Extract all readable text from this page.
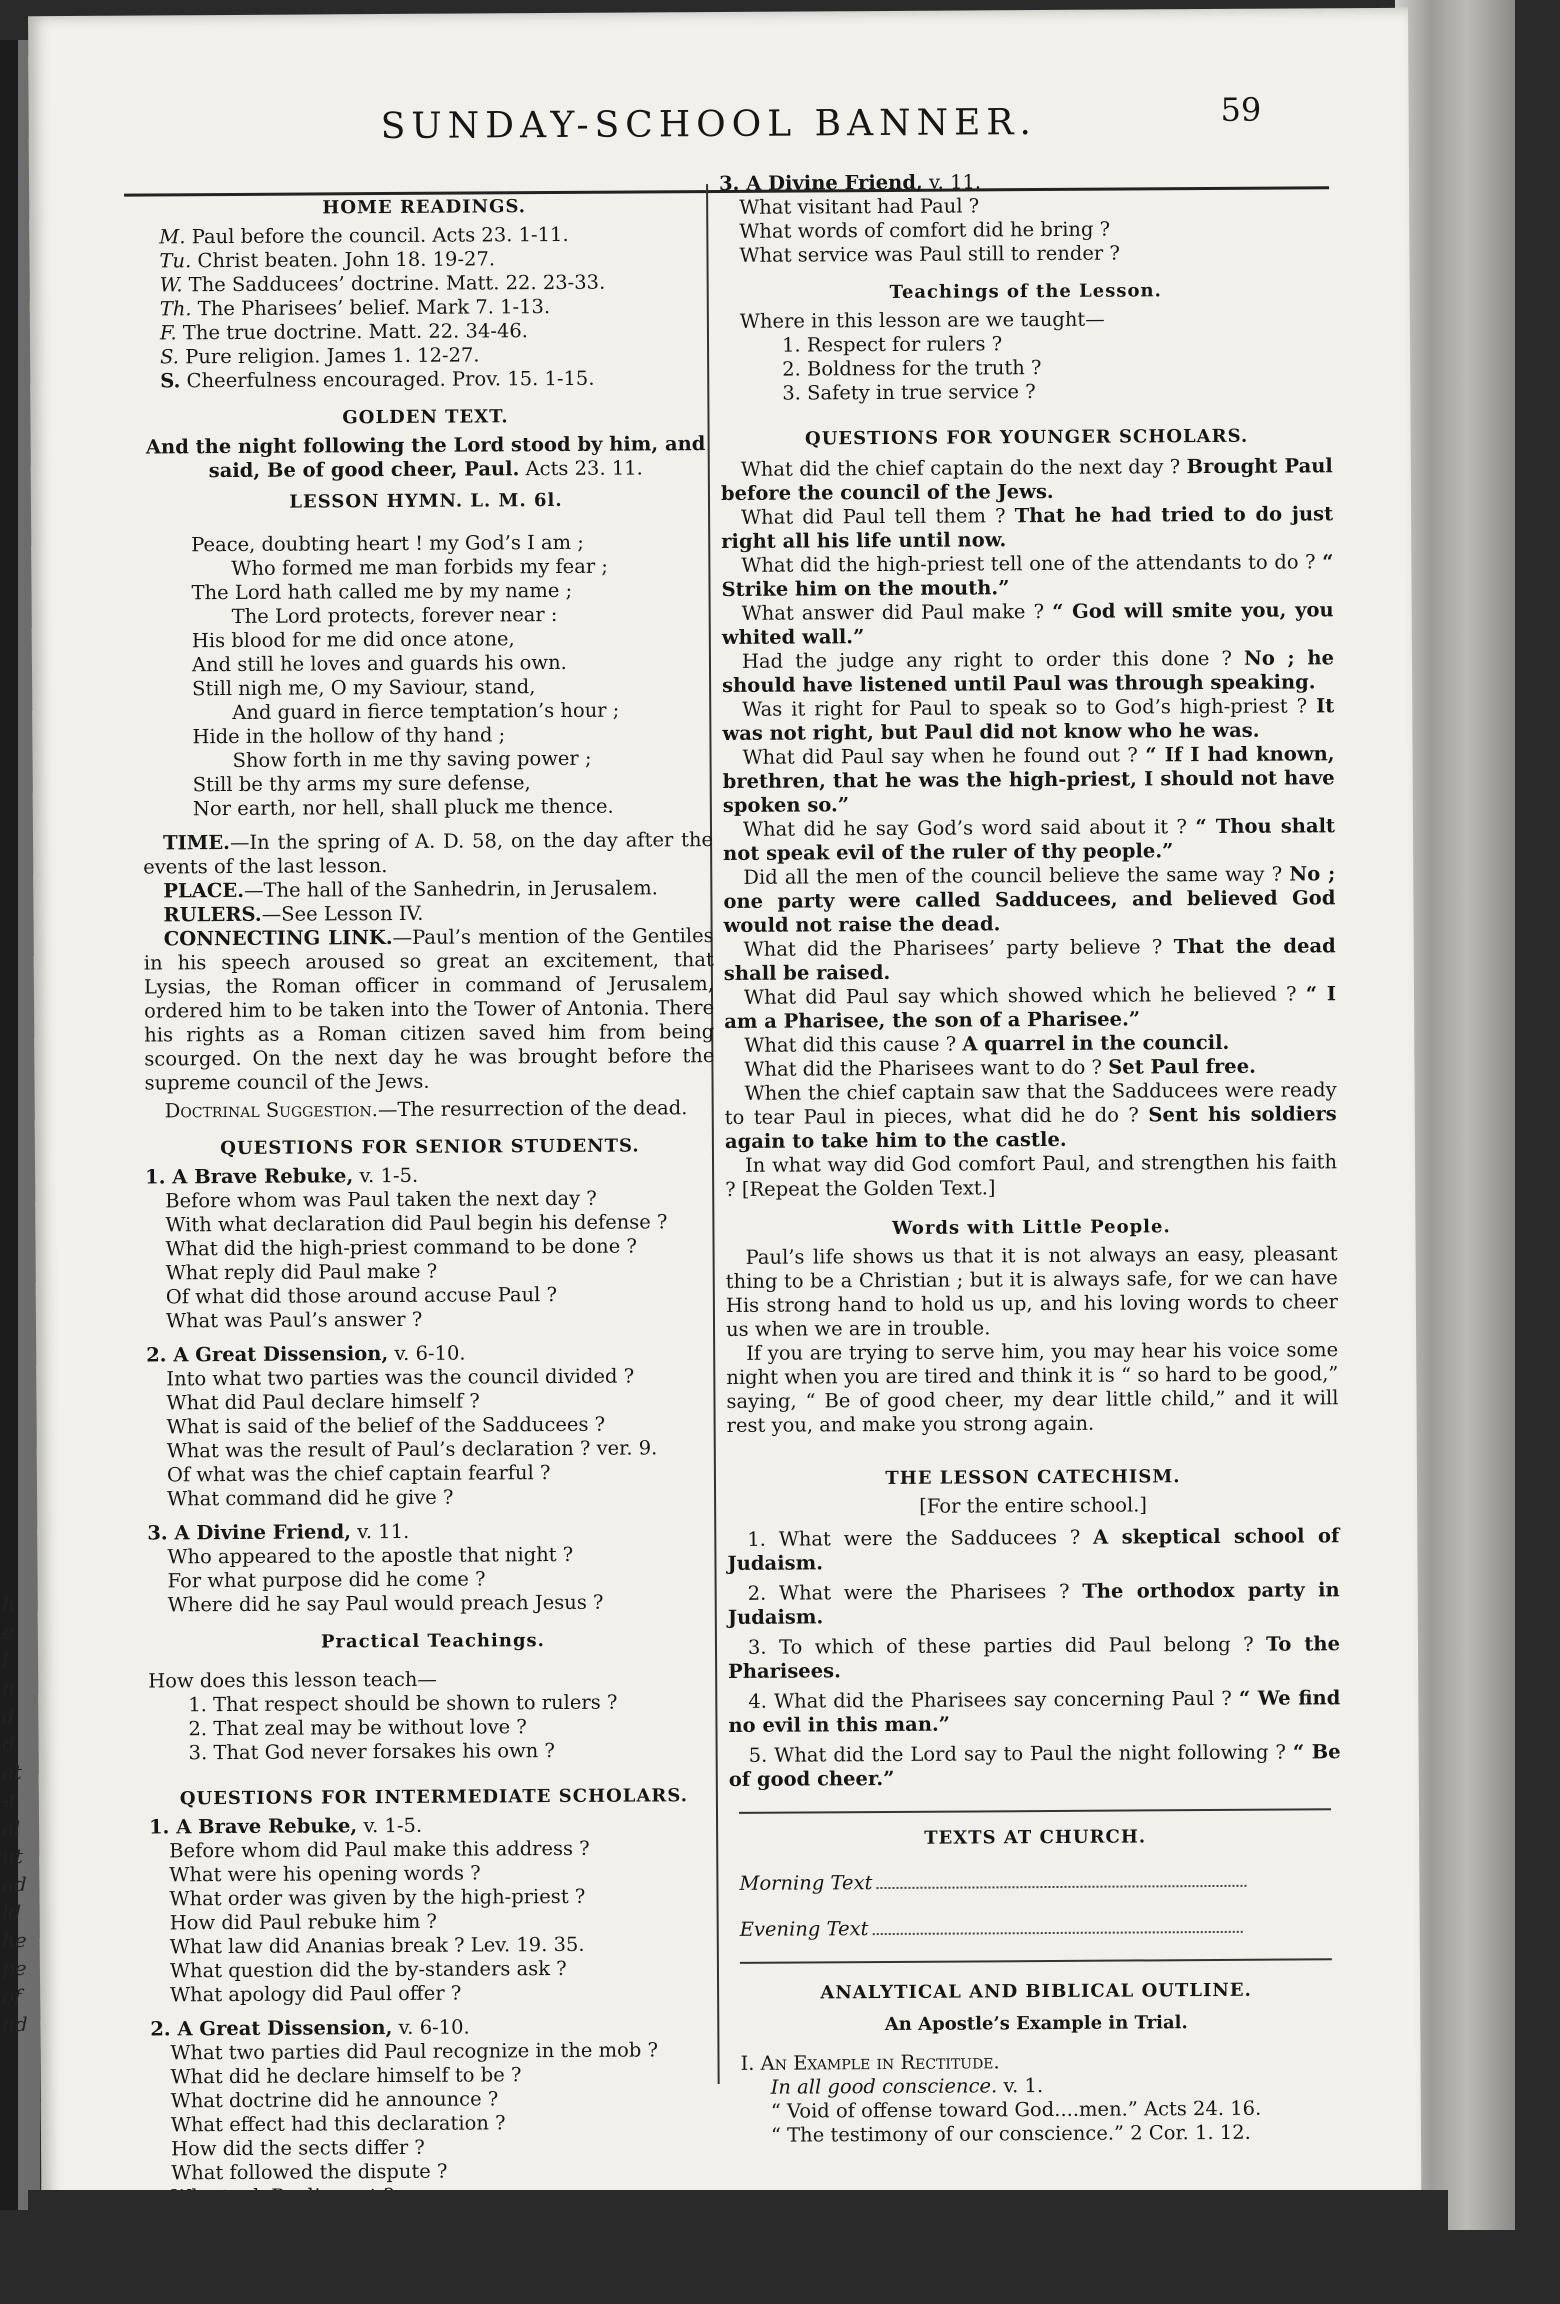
h
e
l
n
d
d
at
-t
al
ut
ad
ld
he
pe
of
nd
SUNDAY-SCHOOL BANNER.	59
HOME READINGS.
M. Paul before the council. Acts 23. 1-11.
Tu. Christ beaten. John 18. 19-27.
W. The Sadducees’ doctrine. Matt. 22. 23-33.
Th. The Pharisees’ belief. Mark 7. 1-13.
F. The true doctrine. Matt. 22. 34-46.
S. Pure religion. James 1. 12-27.
S. Cheerfulness encouraged. Prov. 15. 1-15.
GOLDEN TEXT.
And the night following the Lord stood by him, and said, Be of good cheer, Paul. Acts 23. 11.
LESSON HYMN. L. M. 6l.
Peace, doubting heart ! my God’s I am ;
Who formed me man forbids my fear ;
The Lord hath called me by my name ;
The Lord protects, forever near :
His blood for me did once atone,
And still he loves and guards his own.
Still nigh me, O my Saviour, stand,
And guard in fierce temptation’s hour ;
Hide in the hollow of thy hand ;
Show forth in me thy saving power ;
Still be thy arms my sure defense,
Nor earth, nor hell, shall pluck me thence.
TIME.—In the spring of A. D. 58, on the day after the events of the last lesson.
PLACE.—The hall of the Sanhedrin, in Jerusalem.
RULERS.—See Lesson IV.
CONNECTING LINK.—Paul’s mention of the Gentiles in his speech aroused so great an excitement, that Lysias, the Roman officer in command of Jerusalem, ordered him to be taken into the Tower of Antonia. There his rights as a Roman citizen saved him from being scourged. On the next day he was brought before the supreme council of the Jews.
Doctrinal Suggestion.—The resurrection of the dead.
QUESTIONS FOR SENIOR STUDENTS.
1. A Brave Rebuke, v. 1-5.
Before whom was Paul taken the next day ?
With what declaration did Paul begin his defense ?
What did the high-priest command to be done ?
What reply did Paul make ?
Of what did those around accuse Paul ?
What was Paul’s answer ?
2. A Great Dissension, v. 6-10.
Into what two parties was the council divided ?
What did Paul declare himself ?
What is said of the belief of the Sadducees ?
What was the result of Paul’s declaration ? ver. 9.
Of what was the chief captain fearful ?
What command did he give ?
3. A Divine Friend, v. 11.
Who appeared to the apostle that night ?
For what purpose did he come ?
Where did he say Paul would preach Jesus ?
Practical Teachings.
How does this lesson teach—
1. That respect should be shown to rulers ?
2. That zeal may be without love ?
3. That God never forsakes his own ?
QUESTIONS FOR INTERMEDIATE SCHOLARS.
1. A Brave Rebuke, v. 1-5.
Before whom did Paul make this address ?
What were his opening words ?
What order was given by the high-priest ?
How did Paul rebuke him ?
What law did Ananias break ? Lev. 19. 35.
What question did the by-standers ask ?
What apology did Paul offer ?
2. A Great Dissension, v. 6-10.
What two parties did Paul recognize in the mob ?
What did he declare himself to be ?
What doctrine did he announce ?
What effect had this declaration ?
How did the sects differ ?
What followed the dispute ?
3. A Divine Friend, v. 11.
What visitant had Paul ?
What words of comfort did he bring ?
What service was Paul still to render ?
Teachings of the Lesson.
Where in this lesson are we taught—
1. Respect for rulers ?
2. Boldness for the truth ?
3. Safety in true service ?
QUESTIONS FOR YOUNGER SCHOLARS.
What did the chief captain do the next day ? Brought Paul before the council of the Jews.
What did Paul tell them ? That he had tried to do just right all his life until now.
What did the high-priest tell one of the attendants to do ? “ Strike him on the mouth.”
What answer did Paul make ? “ God will smite you, you whited wall.”
Had the judge any right to order this done ? No ; he should have listened until Paul was through speaking.
Was it right for Paul to speak so to God’s high-priest ? It was not right, but Paul did not know who he was.
What did Paul say when he found out ? “ If I had known, brethren, that he was the high-priest, I should not have spoken so.”
What did he say God’s word said about it ? “ Thou shalt not speak evil of the ruler of thy people.”
Did all the men of the council believe the same way ? No ; one party were called Sadducees, and believed God would not raise the dead.
What did the Pharisees’ party believe ? That the dead shall be raised.
What did Paul say which showed which he believed ? “ I am a Pharisee, the son of a Pharisee.”
What did this cause ? A quarrel in the council.
What did the Pharisees want to do ? Set Paul free.
When the chief captain saw that the Sadducees were ready to tear Paul in pieces, what did he do ? Sent his soldiers again to take him to the castle.
In what way did God comfort Paul, and strengthen his faith ? [Repeat the Golden Text.]
Words with Little People.
Paul’s life shows us that it is not always an easy, pleasant thing to be a Christian ; but it is always safe, for we can have His strong hand to hold us up, and his loving words to cheer us when we are in trouble.
If you are trying to serve him, you may hear his voice some night when you are tired and think it is “ so hard to be good,” saying, “ Be of good cheer, my dear little child,” and it will rest you, and make you strong again.
THE LESSON CATECHISM.
[For the entire school.]
1. What were the Sadducees ? A skeptical school of Judaism.
2. What were the Pharisees ? The orthodox party in Judaism.
3. To which of these parties did Paul belong ? To the Pharisees.
4. What did the Pharisees say concerning Paul ? “ We find no evil in this man.”
5. What did the Lord say to Paul the night following ? “ Be of good cheer.”
TEXTS AT CHURCH.
Morning Text
Evening Text
ANALYTICAL AND BIBLICAL OUTLINE.
An Apostle’s Example in Trial.
I. An Example in Rectitude.
In all good conscience. v. 1.
“ Void of offense toward God....men.” Acts 24. 16.
“ The testimony of our conscience.” 2 Cor. 1. 12.
